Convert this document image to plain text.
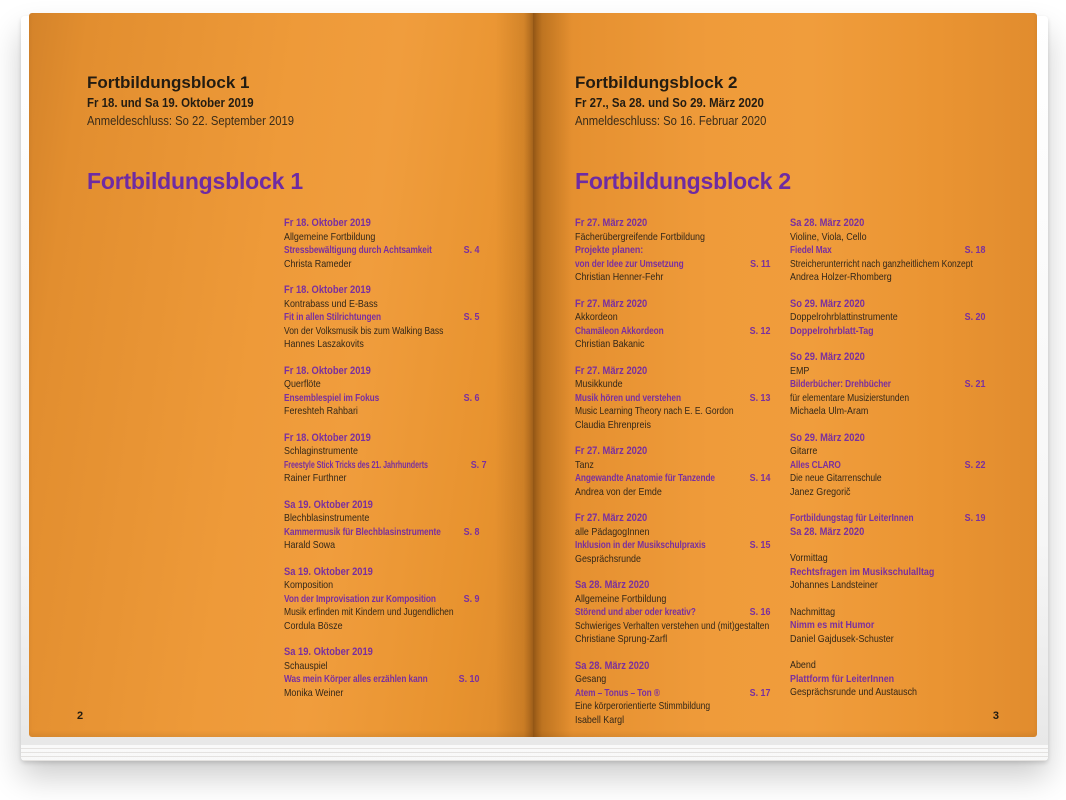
Fortbildungsblock 1
Fr 18. und Sa 19. Oktober 2019
Anmeldeschluss: So 22. September 2019
Fortbildungsblock 1
Fr 18. Oktober 2019
Allgemeine Fortbildung
Stressbewältigung durch Achtsamkeit	S. 4
Christa Rameder
Fr 18. Oktober 2019
Kontrabass und E-Bass
Fit in allen Stilrichtungen	S. 5
Von der Volksmusik bis zum Walking Bass
Hannes Laszakovits
Fr 18. Oktober 2019
Querflöte
Ensemblespiel im Fokus	S. 6
Fereshteh Rahbari
Fr 18. Oktober 2019
Schlaginstrumente
Freestyle Stick Tricks des 21. Jahrhunderts	S. 7
Rainer Furthner
Sa 19. Oktober 2019
Blechblasinstrumente
Kammermusik für Blechblasinstrumente	S. 8
Harald Sowa
Sa 19. Oktober 2019
Komposition
Von der Improvisation zur Komposition	S. 9
Musik erfinden mit Kindern und Jugendlichen
Cordula Bösze
Sa 19. Oktober 2019
Schauspiel
Was mein Körper alles erzählen kann	S. 10
Monika Weiner
2
Fortbildungsblock 2
Fr 27., Sa 28. und So 29. März 2020
Anmeldeschluss: So 16. Februar 2020
Fortbildungsblock 2
Fr 27. März 2020
Fächerübergreifende Fortbildung
Projekte planen:
von der Idee zur Umsetzung	S. 11
Christian Henner-Fehr
Fr 27. März 2020
Akkordeon
Chamäleon Akkordeon	S. 12
Christian Bakanic
Fr 27. März 2020
Musikkunde
Musik hören und verstehen	S. 13
Music Learning Theory nach E. E. Gordon
Claudia Ehrenpreis
Fr 27. März 2020
Tanz
Angewandte Anatomie für Tanzende	S. 14
Andrea von der Emde
Fr 27. März 2020
alle PädagogInnen
Inklusion in der Musikschulpraxis	S. 15
Gesprächsrunde
Sa 28. März 2020
Allgemeine Fortbildung
Störend und aber oder kreativ?	S. 16
Schwieriges Verhalten verstehen und (mit)gestalten
Christiane Sprung-Zarfl
Sa 28. März 2020
Gesang
Atem – Tonus – Ton ®	S. 17
Eine körperorientierte Stimmbildung
Isabell Kargl
Sa 28. März 2020
Violine, Viola, Cello
Fiedel Max	S. 18
Streicherunterricht nach ganzheitlichem Konzept
Andrea Holzer-Rhomberg
So 29. März 2020
Doppelrohrblattinstrumente	S. 20
Doppelrohrblatt-Tag
So 29. März 2020
EMP
Bilderbücher: Drehbücher	S. 21
für elementare Musizierstunden
Michaela Ulm-Aram
So 29. März 2020
Gitarre
Alles CLARO	S. 22
Die neue Gitarrenschule
Janez Gregorič
Fortbildungstag für LeiterInnen	S. 19
Sa 28. März 2020
Vormittag
Rechtsfragen im Musikschulalltag
Johannes Landsteiner
Nachmittag
Nimm es mit Humor
Daniel Gajdusek-Schuster
Abend
Plattform für LeiterInnen
Gesprächsrunde und Austausch
3
